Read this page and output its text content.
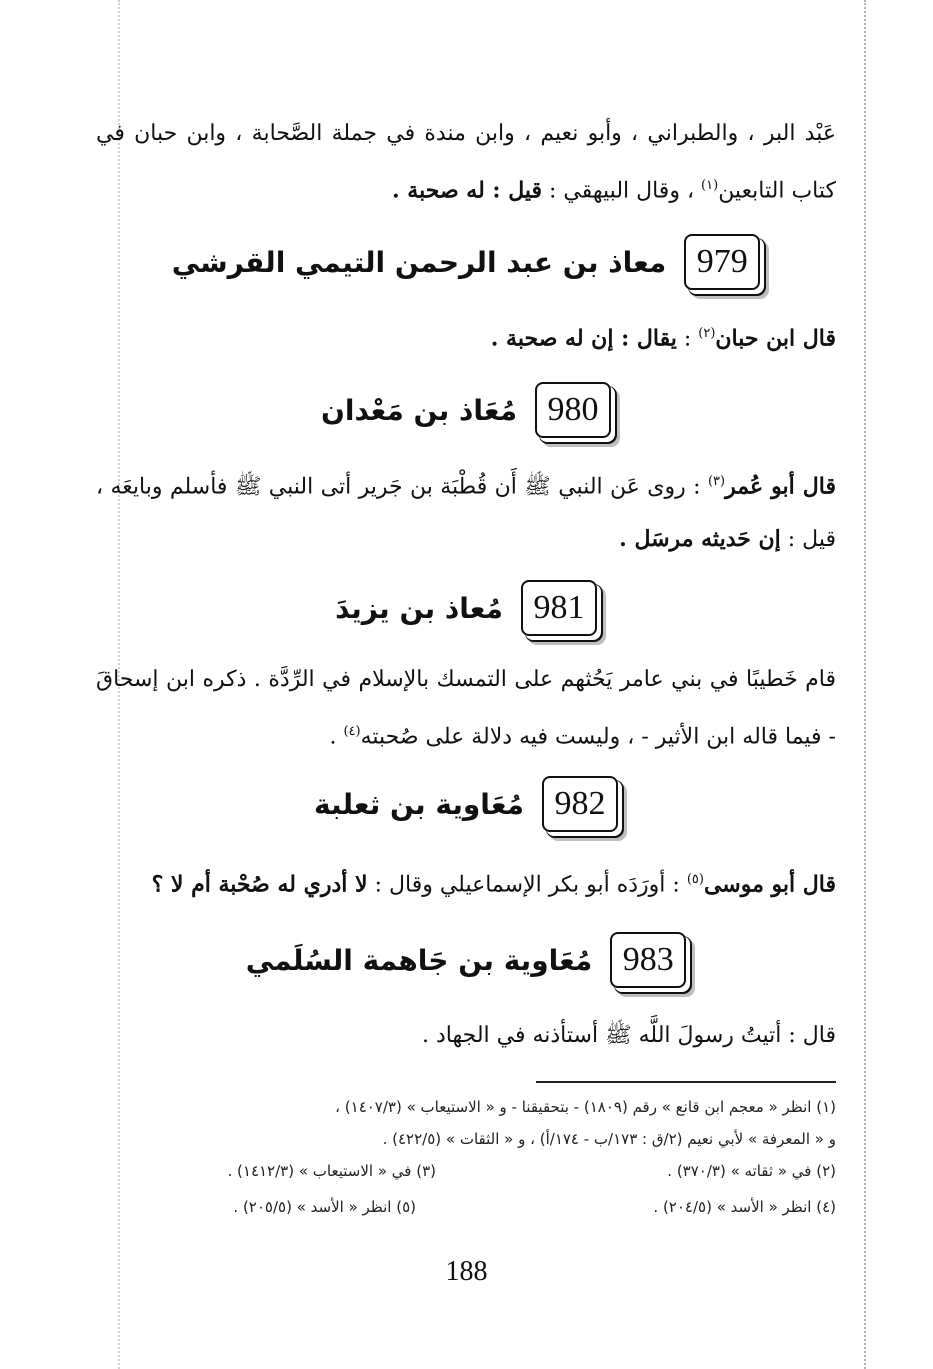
عَبْد البر ، والطبراني ، وأبو نعيم ، وابن مندة في جملة الصَّحابة ، وابن حبان في كتاب التابعين$^{(١)}$ ، وقال البيهقي : قيل : له صحبة .
979
معاذ بن عبد الرحمن التيمي القرشي
قال ابن حبان$^{(٢)}$ : يقال : إن له صحبة .
980
مُعَاذ بن مَعْدان
قال أبو عُمر$^{(٣)}$ : روى عَن النبي ﷺ أَن قُطْبَة بن جَرير أتى النبي ﷺ فأسلم وبايعَه ، قيل : إن حَديثه مرسَل .
981
مُعاذ بن يزيدَ
قام خَطيبًا في بني عامر يَحُثهم على التمسك بالإسلام في الرِّدَّة . ذكره ابن إسحاقَ - فيما قاله ابن الأثير - ، وليست فيه دلالة على صُحبته$^{(٤)}$ .
982
مُعَاوية بن ثعلبة
قال أبو موسى$^{(٥)}$ : أورَدَه أبو بكر الإسماعيلي وقال : لا أدري له صُحْبة أم لا ؟
983
مُعَاوية بن جَاهمة السُلَمي
قال : أتيتُ رسولَ اللَّه ﷺ أستأذنه في الجهاد .
(١) انظر « معجم ابن قانع » رقم (١٨٠٩) - بتحقيقنا - و « الاستيعاب » (١٤٠٧/٣) ،
و « المعرفة » لأبي نعيم (٢/ق : ١٧٣/ب - ١٧٤/أ) ، و « الثقات » (٤٢٢/٥) .
(٢) في « ثقاته » (٣٧٠/٣) .
(٣) في « الاستيعاب » (١٤١٢/٣) .
(٤) انظر « الأسد » (٢٠٤/٥) .
(٥) انظر « الأسد » (٢٠٥/٥) .
188
